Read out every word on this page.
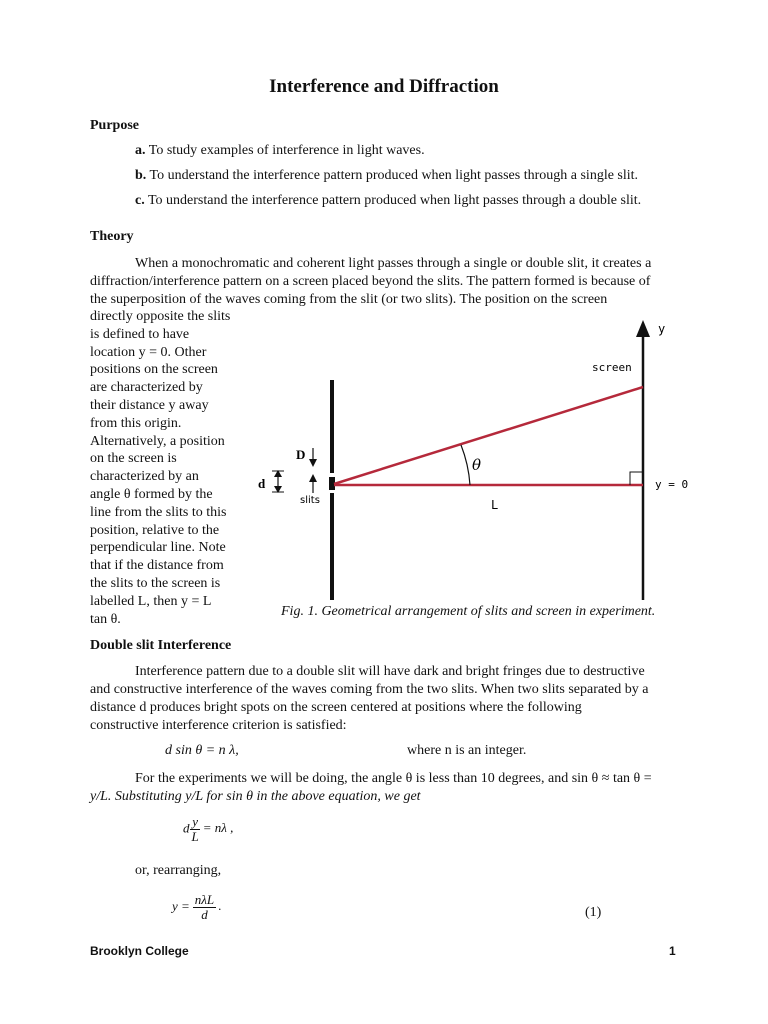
Interference and Diffraction
Purpose
a. To study examples of interference in light waves.
b. To understand the interference pattern produced when light passes through a single slit.
c. To understand the interference pattern produced when light passes through a double slit.
Theory
When a monochromatic and coherent light passes through a single or double slit, it creates a
diffraction/interference pattern on a screen placed beyond the slits. The pattern formed is because of
the superposition of the waves coming from the slit (or two slits). The position on the screen
directly opposite the slits
is defined to have
location y = 0. Other
positions on the screen
are characterized by
their distance y away
from this origin.
Alternatively, a position
on the screen is
characterized by an
angle θ formed by the
line from the slits to this
position, relative to the
perpendicular line. Note
that if the distance from
the slits to the screen is
labelled L, then y = L
tan θ.
y
screen
θ
D
d
slits
y = 0
L
Fig. 1. Geometrical arrangement of slits and screen in experiment.
Double slit Interference
Interference pattern due to a double slit will have dark and bright fringes due to destructive
and constructive interference of the waves coming from the two slits. When two slits separated by a
distance d produces bright spots on the screen centered at positions where the following
constructive interference criterion is satisfied:
d sin θ = n λ,	where n is an integer.
For the experiments we will be doing, the angle θ is less than 10 degrees, and sin θ ≈ tan θ =
y/L. Substituting y/L for sin θ in the above equation, we get
d $\frac{y}{L} = n\lambda$ ,
or, rearranging,
$y = \frac{\text{nλL}}{d}$ .	(1)
Brooklyn College	1
